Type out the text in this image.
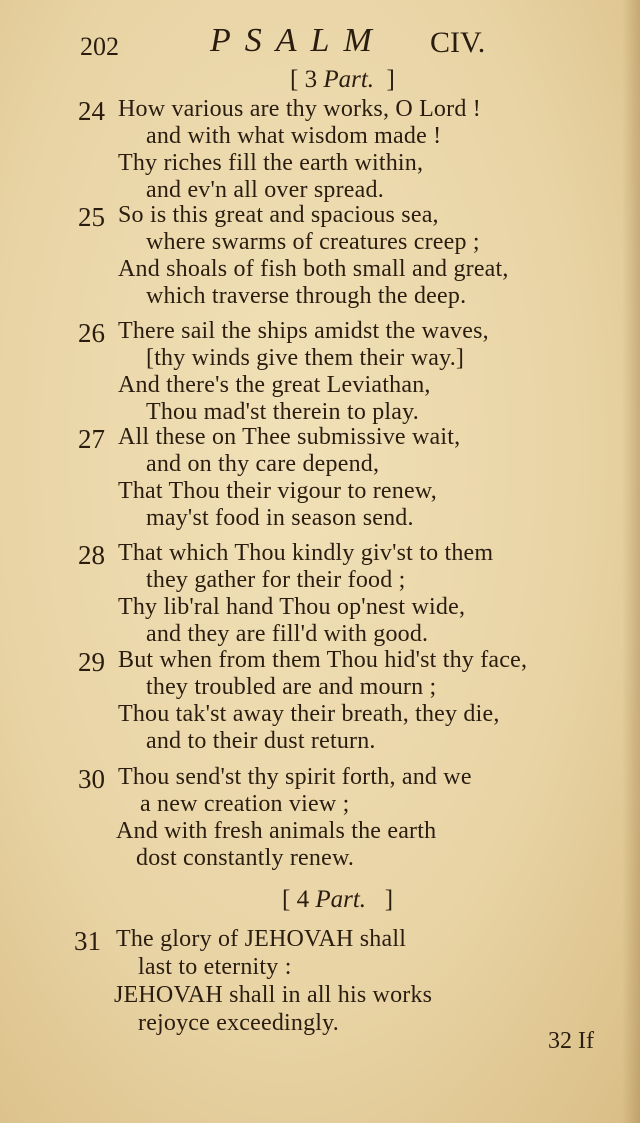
202	PSALM CIV.
[ 3 Part. ]
24 How various are thy works, O Lord !
and with what wisdom made !
Thy riches fill the earth within,
and ev'n all over spread.
25 So is this great and spacious sea,
where swarms of creatures creep ;
And shoals of fish both small and great,
which traverse through the deep.
26 There sail the ships amidst the waves,
[thy winds give them their way.]
And there's the great Leviathan,
Thou mad'st therein to play.
27 All these on Thee submissive wait,
and on thy care depend,
That Thou their vigour to renew,
may'st food in season send.
28 That which Thou kindly giv'st to them
they gather for their food ;
Thy lib'ral hand Thou op'nest wide,
and they are fill'd with good.
29 But when from them Thou hid'st thy face,
they troubled are and mourn ;
Thou tak'st away their breath, they die,
and to their dust return.
30 Thou send'st thy spirit forth, and we
a new creation view ;
And with fresh animals the earth
dost constantly renew.
[ 4 Part. ]
31 The glory of JEHOVAH shall
last to eternity :
JEHOVAH shall in all his works
rejoyce exceedingly.
32 If
